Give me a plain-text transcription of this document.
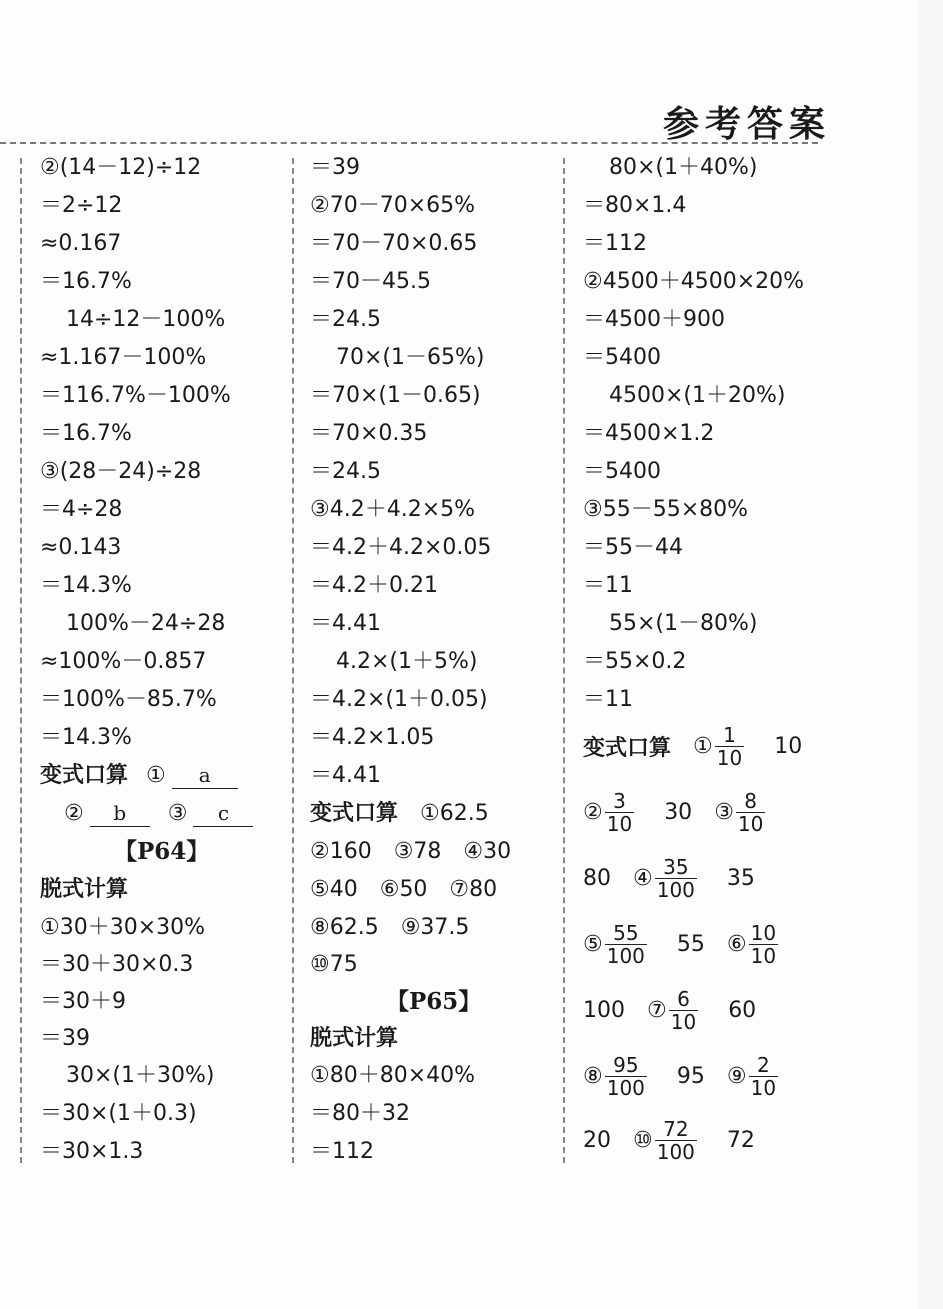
参考答案
②(14－12)÷12
＝2÷12
≈0.167
＝16.7%
14÷12－100%
≈1.167－100%
＝116.7%－100%
＝16.7%
③(28－24)÷28
＝4÷28
≈0.143
＝14.3%
100%－24÷28
≈100%－0.857
＝100%－85.7%
＝14.3%
变式口算 ① a
② b ③ c
【P64】
脱式计算
①30＋30×30%
＝30＋30×0.3
＝30＋9
＝39
30×(1＋30%)
＝30×(1＋0.3)
＝30×1.3
＝39
②70－70×65%
＝70－70×0.65
＝70－45.5
＝24.5
70×(1－65%)
＝70×(1－0.65)
＝70×0.35
＝24.5
③4.2＋4.2×5%
＝4.2＋4.2×0.05
＝4.2＋0.21
＝4.41
4.2×(1＋5%)
＝4.2×(1＋0.05)
＝4.2×1.05
＝4.41
变式口算 ①62.5
②160　③78　④30
⑤40　⑥50　⑦80
⑧62.5　⑨37.5
⑩75
【P65】
脱式计算
①80＋80×40%
＝80＋32
＝112
80×(1＋40%)
＝80×1.4
＝112
②4500＋4500×20%
＝4500＋900
＝5400
4500×(1＋20%)
＝4500×1.2
＝5400
③55－55×80%
＝55－44
＝11
55×(1－80%)
＝55×0.2
＝11
变式口算 ① $\frac{1}{10} 10$
② $\frac{3}{10} 30$ ③ $\frac{8}{10}$
80 ④ $\frac{35}{100} 35$
⑤ $\frac{55}{100} 55$ ⑥ $\frac{10}{10}$
100 ⑦ $\frac{6}{10} 60$
⑧ $\frac{95}{100} 95$ ⑨ $\frac{2}{10}$
20 ⑩ $\frac{72}{100} 72$
